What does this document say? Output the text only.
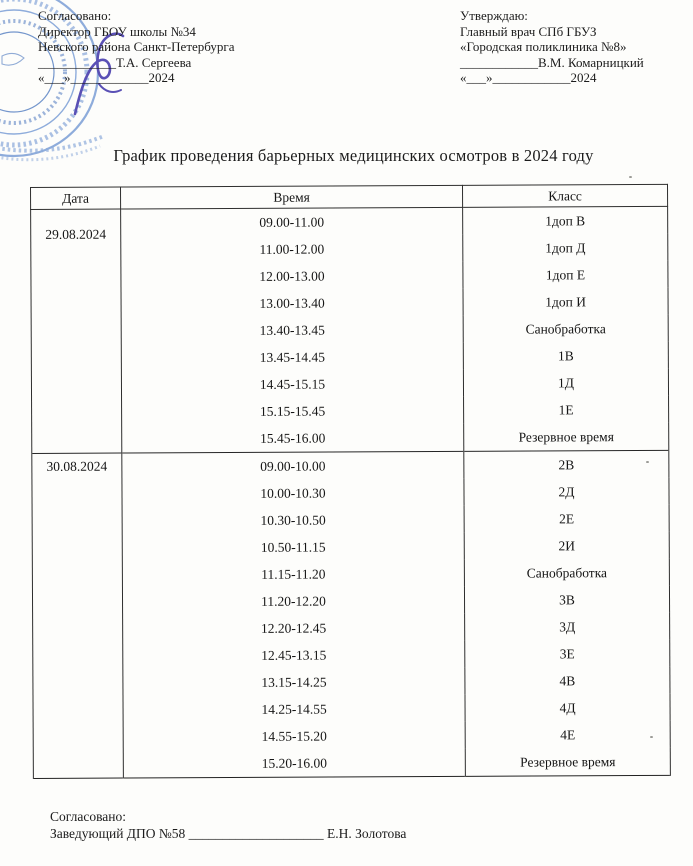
Согласовано:
Директор ГБОУ школы №34
Невского района Санкт-Петербурга
____________Т.А. Сергеева
«___»____________2024
Утверждаю:
Главный врач СПб ГБУЗ
«Городская поликлиника №8»
____________В.М. Комарницкий
«___»____________2024
График проведения барьерных медицинских осмотров в 2024 году
Дата	Время	Класс
29.08.2024	09.00-11.00	1доп В
	11.00-12.00	1доп Д
	12.00-13.00	1доп Е
	13.00-13.40	1доп И
	13.40-13.45	Санобработка
	13.45-14.45	1В
	14.45-15.15	1Д
	15.15-15.45	1Е
	15.45-16.00	Резервное время
30.08.2024	09.00-10.00	2В
	10.00-10.30	2Д
	10.30-10.50	2Е
	10.50-11.15	2И
	11.15-11.20	Санобработка
	11.20-12.20	3В
	12.20-12.45	3Д
	12.45-13.15	3Е
	13.15-14.25	4В
	14.25-14.55	4Д
	14.55-15.20	4Е
	15.20-16.00	Резервное время
Согласовано:
Заведующий ДПО №58 ____________________ Е.Н. Золотова
